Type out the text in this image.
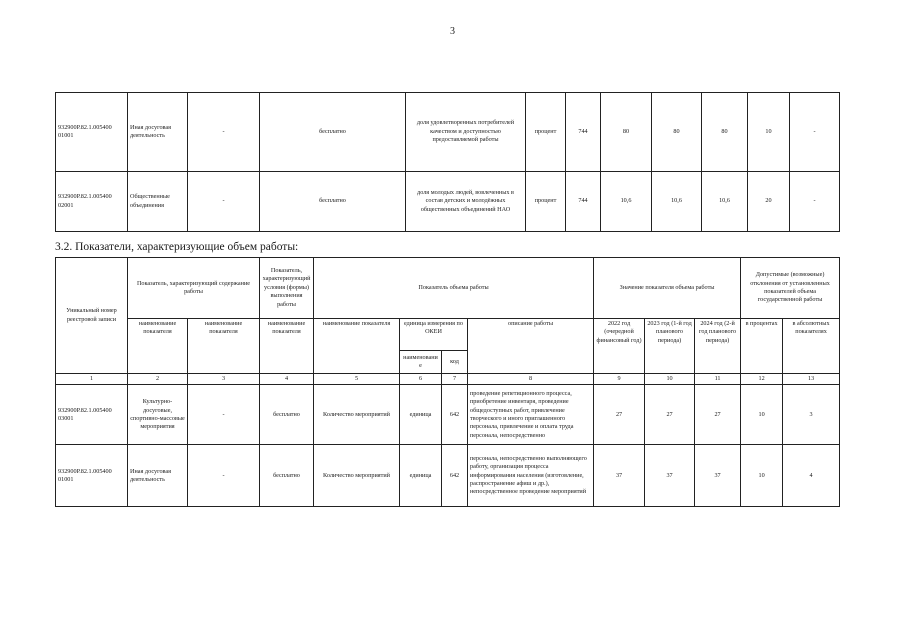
3
932900Р.82.1.005400 01001	Иная досуговая деятельность	-	бесплатно	доля удовлетворенных потребителей качеством и доступностью предоставляемой работы	процент	744	80	80	80	10	-
932900Р.82.1.005400 02001	Общественные объединения	-	бесплатно	доля молодых людей, вовлеченных в состав детских и молодёжных общественных объединений НАО	процент	744	10,6	10,6	10,6	20	-
3.2. Показатели, характеризующие объем работы:
Уникальный номер реестровой записи	Показатель, характеризующий содержание работы		Показатель, характеризующий условия (формы) выполнения работы	Показатель объема работы				Значение показателя объема работы			Допустимые (возможные) отклонения от установленных показателей объема государственной работы	
	наименование показателя	наименование показателя	наименование показателя	наименование показателя	единица измерения по ОКЕИ		описание работы	2022 год (очередной финансовый год)	2023 год (1-й год планового периода)	2024 год (2-й год планового периода)	в процентах	в абсолютных показателях
					наименование	код						
1	2	3	4	5	6	7	8	9	10	11	12	13
932900Р.82.1.005400 03001	Культурно-досуговые, спортивно-массовые мероприятия	-	бесплатно	Количество мероприятий	единица	642	проведение репетиционного процесса, приобретение инвентаря, проведение общедоступных работ, привлечение творческого и иного приглашенного персонала, привлечение и оплата труда персонала, непосредственно	27	27	27	10	3
932900Р.82.1.005400 01001	Иная досуговая деятельность	-	бесплатно	Количество мероприятий	единица	642	персонала, непосредственно выполняющего работу, организация процесса информирования населения (изготовление, распространение афиш и др.), непосредственное проведение мероприятий	37	37	37	10	4
